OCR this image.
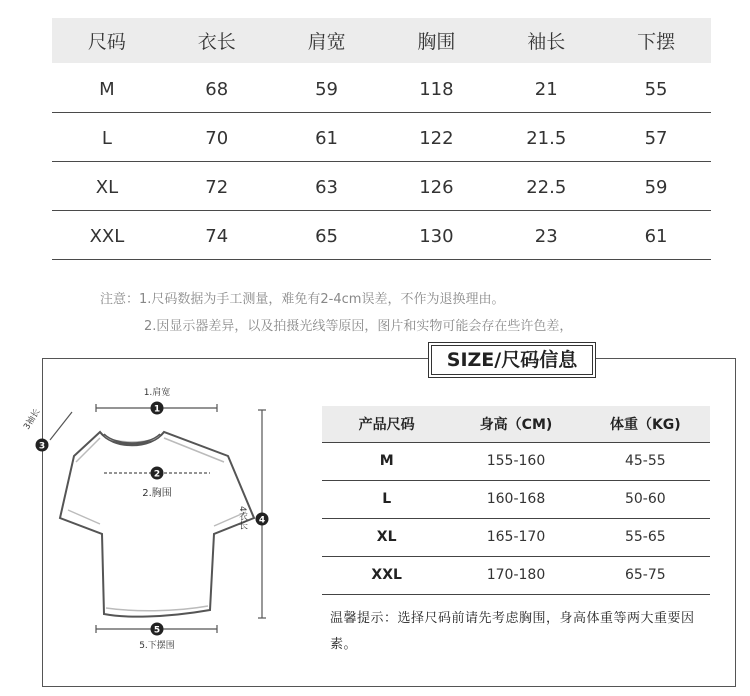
尺码	衣长	肩宽	胸围	袖长	下摆
M	68	59	118	21	55
L	70	61	122	21.5	57
XL	72	63	126	22.5	59
XXL	74	65	130	23	61
注意：1.尺码数据为手工测量，难免有2-4cm误差，不作为退换理由。
2.因显示器差异，以及拍摄光线等原因，图片和实物可能会存在些许色差，
SIZE/尺码信息
1.肩宽
1
3袖长
3
2
2.胸围
4衣长 4
5
5.下摆围
产品尺码	身高（CM)	体重（KG)
M	155-160	45-55
L	160-168	50-60
XL	165-170	55-65
XXL	170-180	65-75
温馨提示：选择尺码前请先考虑胸围，身高体重等两大重要因素。
